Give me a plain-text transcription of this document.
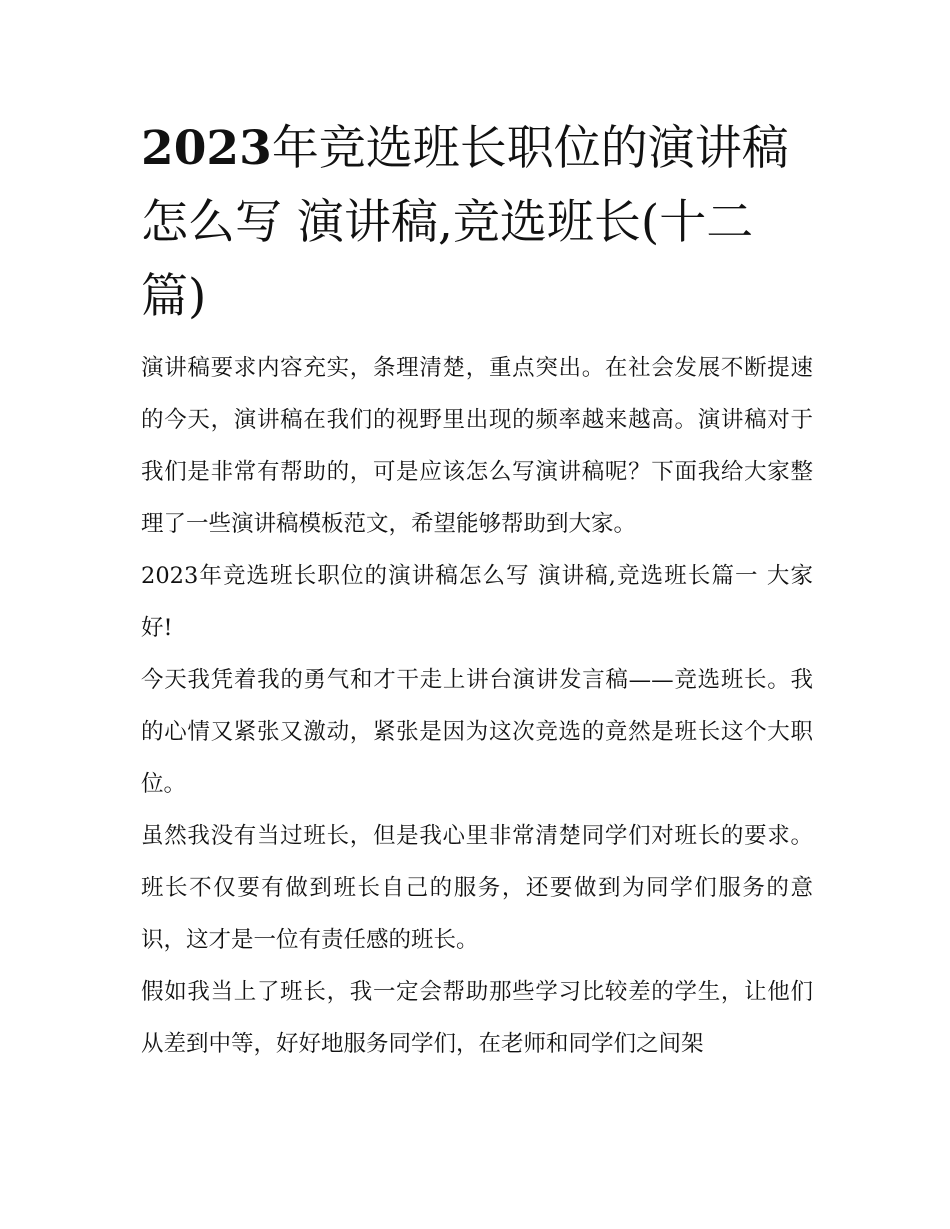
2023年竞选班长职位的演讲稿怎么写 演讲稿,竞选班长(十二篇)

演讲稿要求内容充实，条理清楚，重点突出。在社会发展不断提速的今天，演讲稿在我们的视野里出现的频率越来越高。演讲稿对于我们是非常有帮助的，可是应该怎么写演讲稿呢？下面我给大家整理了一些演讲稿模板范文，希望能够帮助到大家。

2023年竞选班长职位的演讲稿怎么写 演讲稿,竞选班长篇一 大家好!

今天我凭着我的勇气和才干走上讲台演讲发言稿——竞选班长。我的心情又紧张又激动，紧张是因为这次竞选的竟然是班长这个大职位。

虽然我没有当过班长，但是我心里非常清楚同学们对班长的要求。班长不仅要有做到班长自己的服务，还要做到为同学们服务的意识，这才是一位有责任感的班长。

假如我当上了班长，我一定会帮助那些学习比较差的学生，让他们从差到中等，好好地服务同学们，在老师和同学们之间架
